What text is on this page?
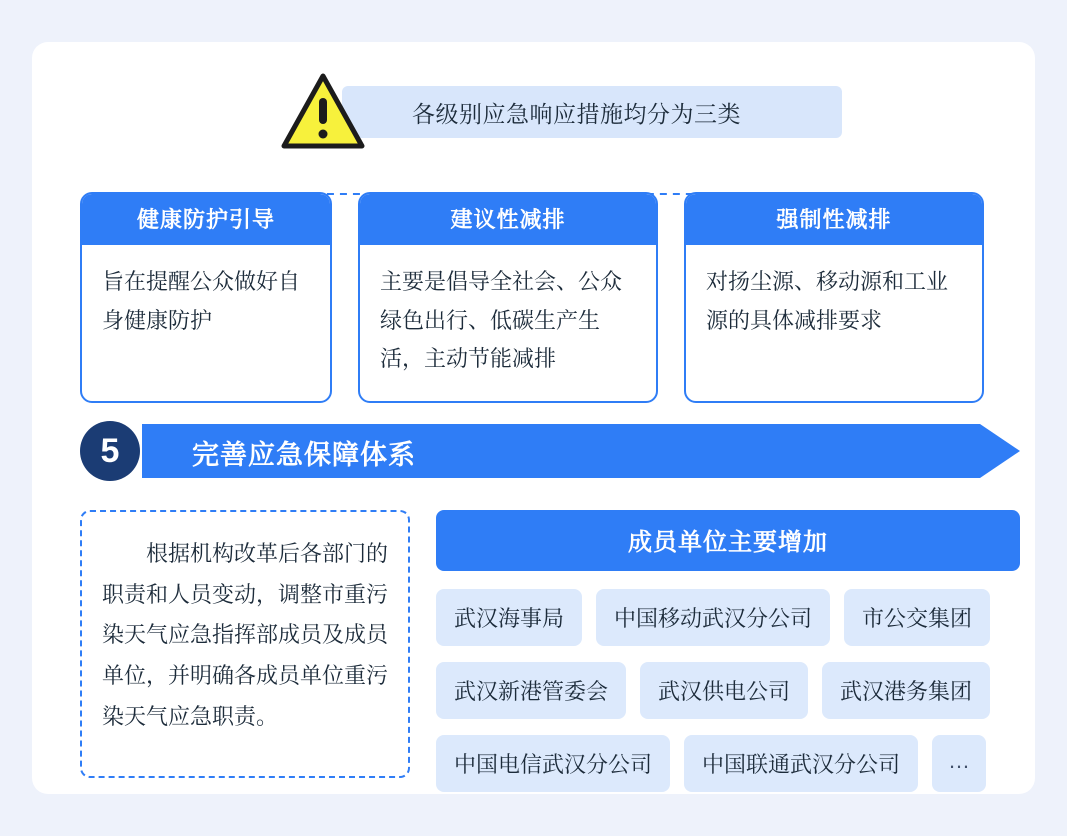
各级别应急响应措施均分为三类
健康防护引导
旨在提醒公众做好自身健康防护
建议性减排
主要是倡导全社会、公众绿色出行、低碳生产生活，主动节能减排
强制性减排
对扬尘源、移动源和工业源的具体减排要求
5	完善应急保障体系
根据机构改革后各部门的职责和人员变动，调整市重污染天气应急指挥部成员及成员单位，并明确各成员单位重污染天气应急职责。
成员单位主要增加
武汉海事局	中国移动武汉分公司	市公交集团
武汉新港管委会	武汉供电公司	武汉港务集团
中国电信武汉分公司	中国联通武汉分公司	…
